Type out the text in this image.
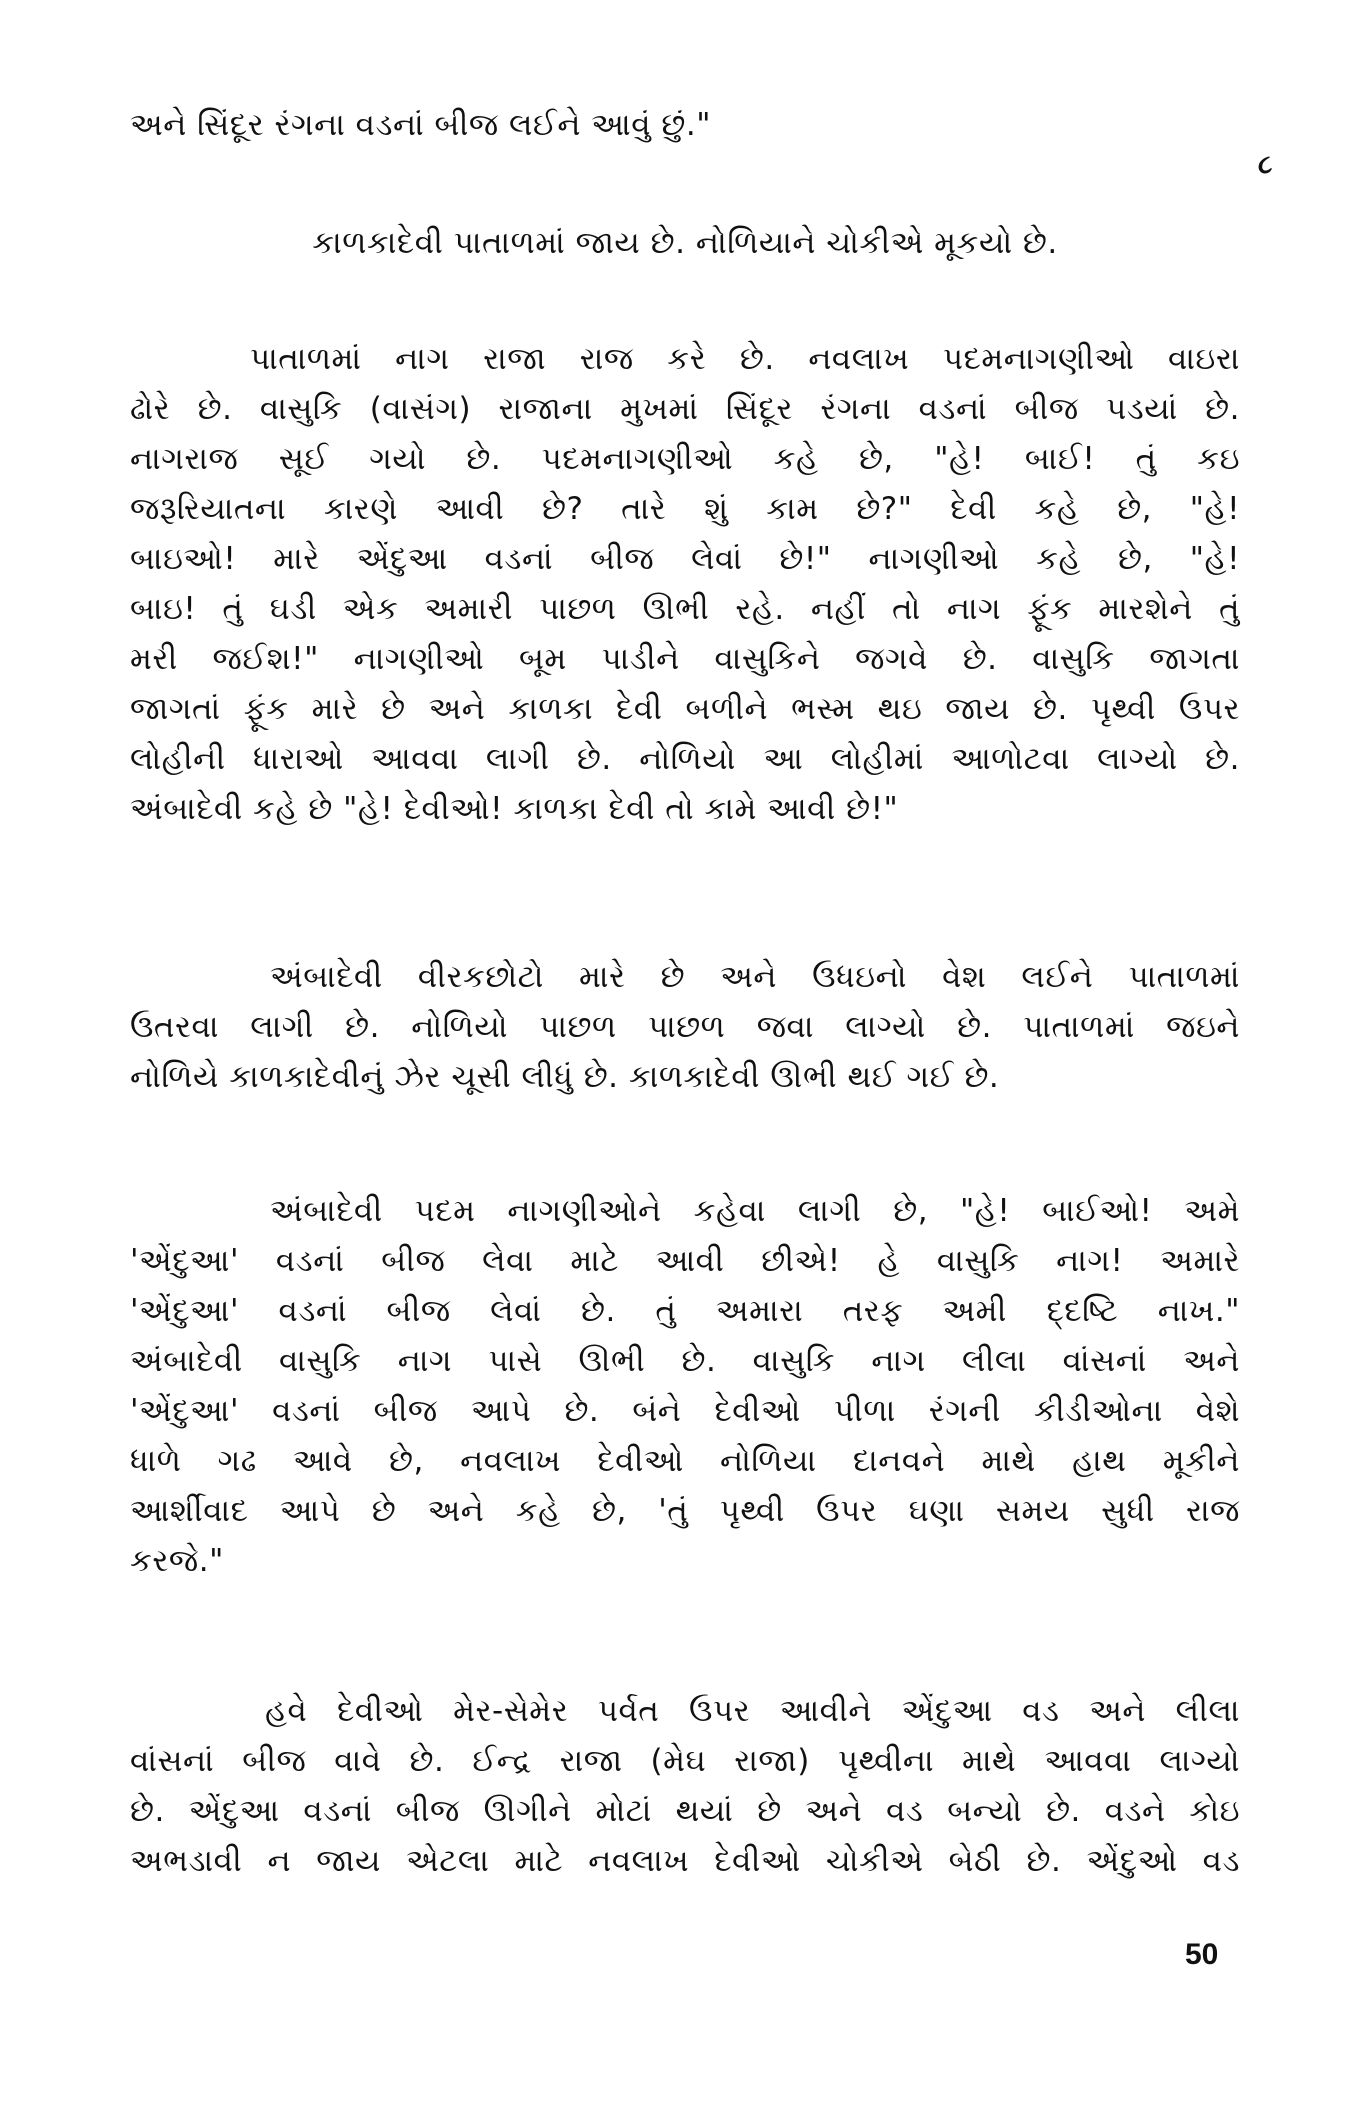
અને સિંદૂર રંગના વડનાં બીજ લઈને આવું છું."
૮
કાળકાદેવી પાતાળમાં જાય છે. નોળિયાને ચોકીએ મૂકયો છે.
પાતાળમાં નાગ રાજા રાજ કરે છે. નવલાખ પદમનાગણીઓ વાઇરા
ઢોરે છે. વાસુકિ (વાસંગ) રાજાના મુખમાં સિંદૂર રંગના વડનાં બીજ પડયાં છે.
નાગરાજ સૂઈ ગયો છે. પદમનાગણીઓ કહે છે, "હે! બાઈ! તું કઇ
જરૂરિયાતના કારણે આવી છે? તારે શું કામ છે?" દેવી કહે છે, "હે!
બાઇઓ! મારે એંદુઆ વડનાં બીજ લેવાં છે!" નાગણીઓ કહે છે, "હે!
બાઇ! તું ઘડી એક અમારી પાછળ ઊભી રહે. નહીં તો નાગ ફૂંક મારશેને તું
મરી જઈશ!" નાગણીઓ બૂમ પાડીને વાસુકિને જગવે છે. વાસુકિ જાગતા
જાગતાં ફૂંક મારે છે અને કાળકા દેવી બળીને ભસ્મ થઇ જાય છે. પૃથ્વી ઉપર
લોહીની ધારાઓ આવવા લાગી છે. નોળિયો આ લોહીમાં આળોટવા લાગ્યો છે.
અંબાદેવી કહે છે "હે! દેવીઓ! કાળકા દેવી તો કામે આવી છે!"
અંબાદેવી વીરકછોટો મારે છે અને ઉધઇનો વેશ લઈને પાતાળમાં
ઉતરવા લાગી છે. નોળિયો પાછળ પાછળ જવા લાગ્યો છે. પાતાળમાં જઇને
નોળિયે કાળકાદેવીનું ઝેર ચૂસી લીધું છે. કાળકાદેવી ઊભી થઈ ગઈ છે.
અંબાદેવી પદમ નાગણીઓને કહેવા લાગી છે, "હે! બાઈઓ! અમે
'એંદુઆ' વડનાં બીજ લેવા માટે આવી છીએ! હે વાસુકિ નાગ! અમારે
'એંદુઆ' વડનાં બીજ લેવાં છે. તું અમારા તરફ અમી દ્દષ્ટિ નાખ."
અંબાદેવી વાસુકિ નાગ પાસે ઊભી છે. વાસુકિ નાગ લીલા વાંસનાં અને
'એંદુઆ' વડનાં બીજ આપે છે. બંને દેવીઓ પીળા રંગની કીડીઓના વેશે
ધાળે ગઢ આવે છે, નવલાખ દેવીઓ નોળિયા દાનવને માથે હાથ મૂકીને
આર્શીવાદ આપે છે અને કહે છે, 'તું પૃથ્વી ઉપર ઘણા સમય સુધી રાજ
કરજે."
હવે દેવીઓ મેર-સેમેર પર્વત ઉપર આવીને એંદુઆ વડ અને લીલા
વાંસનાં બીજ વાવે છે. ઈન્દ્ર રાજા (મેઘ રાજા) પૃથ્વીના માથે આવવા લાગ્યો
છે. એંદુઆ વડનાં બીજ ઊગીને મોટાં થયાં છે અને વડ બન્યો છે. વડને કોઇ
અભડાવી ન જાય એટલા માટે નવલાખ દેવીઓ ચોકીએ બેઠી છે. એંદુઓ વડ
50
